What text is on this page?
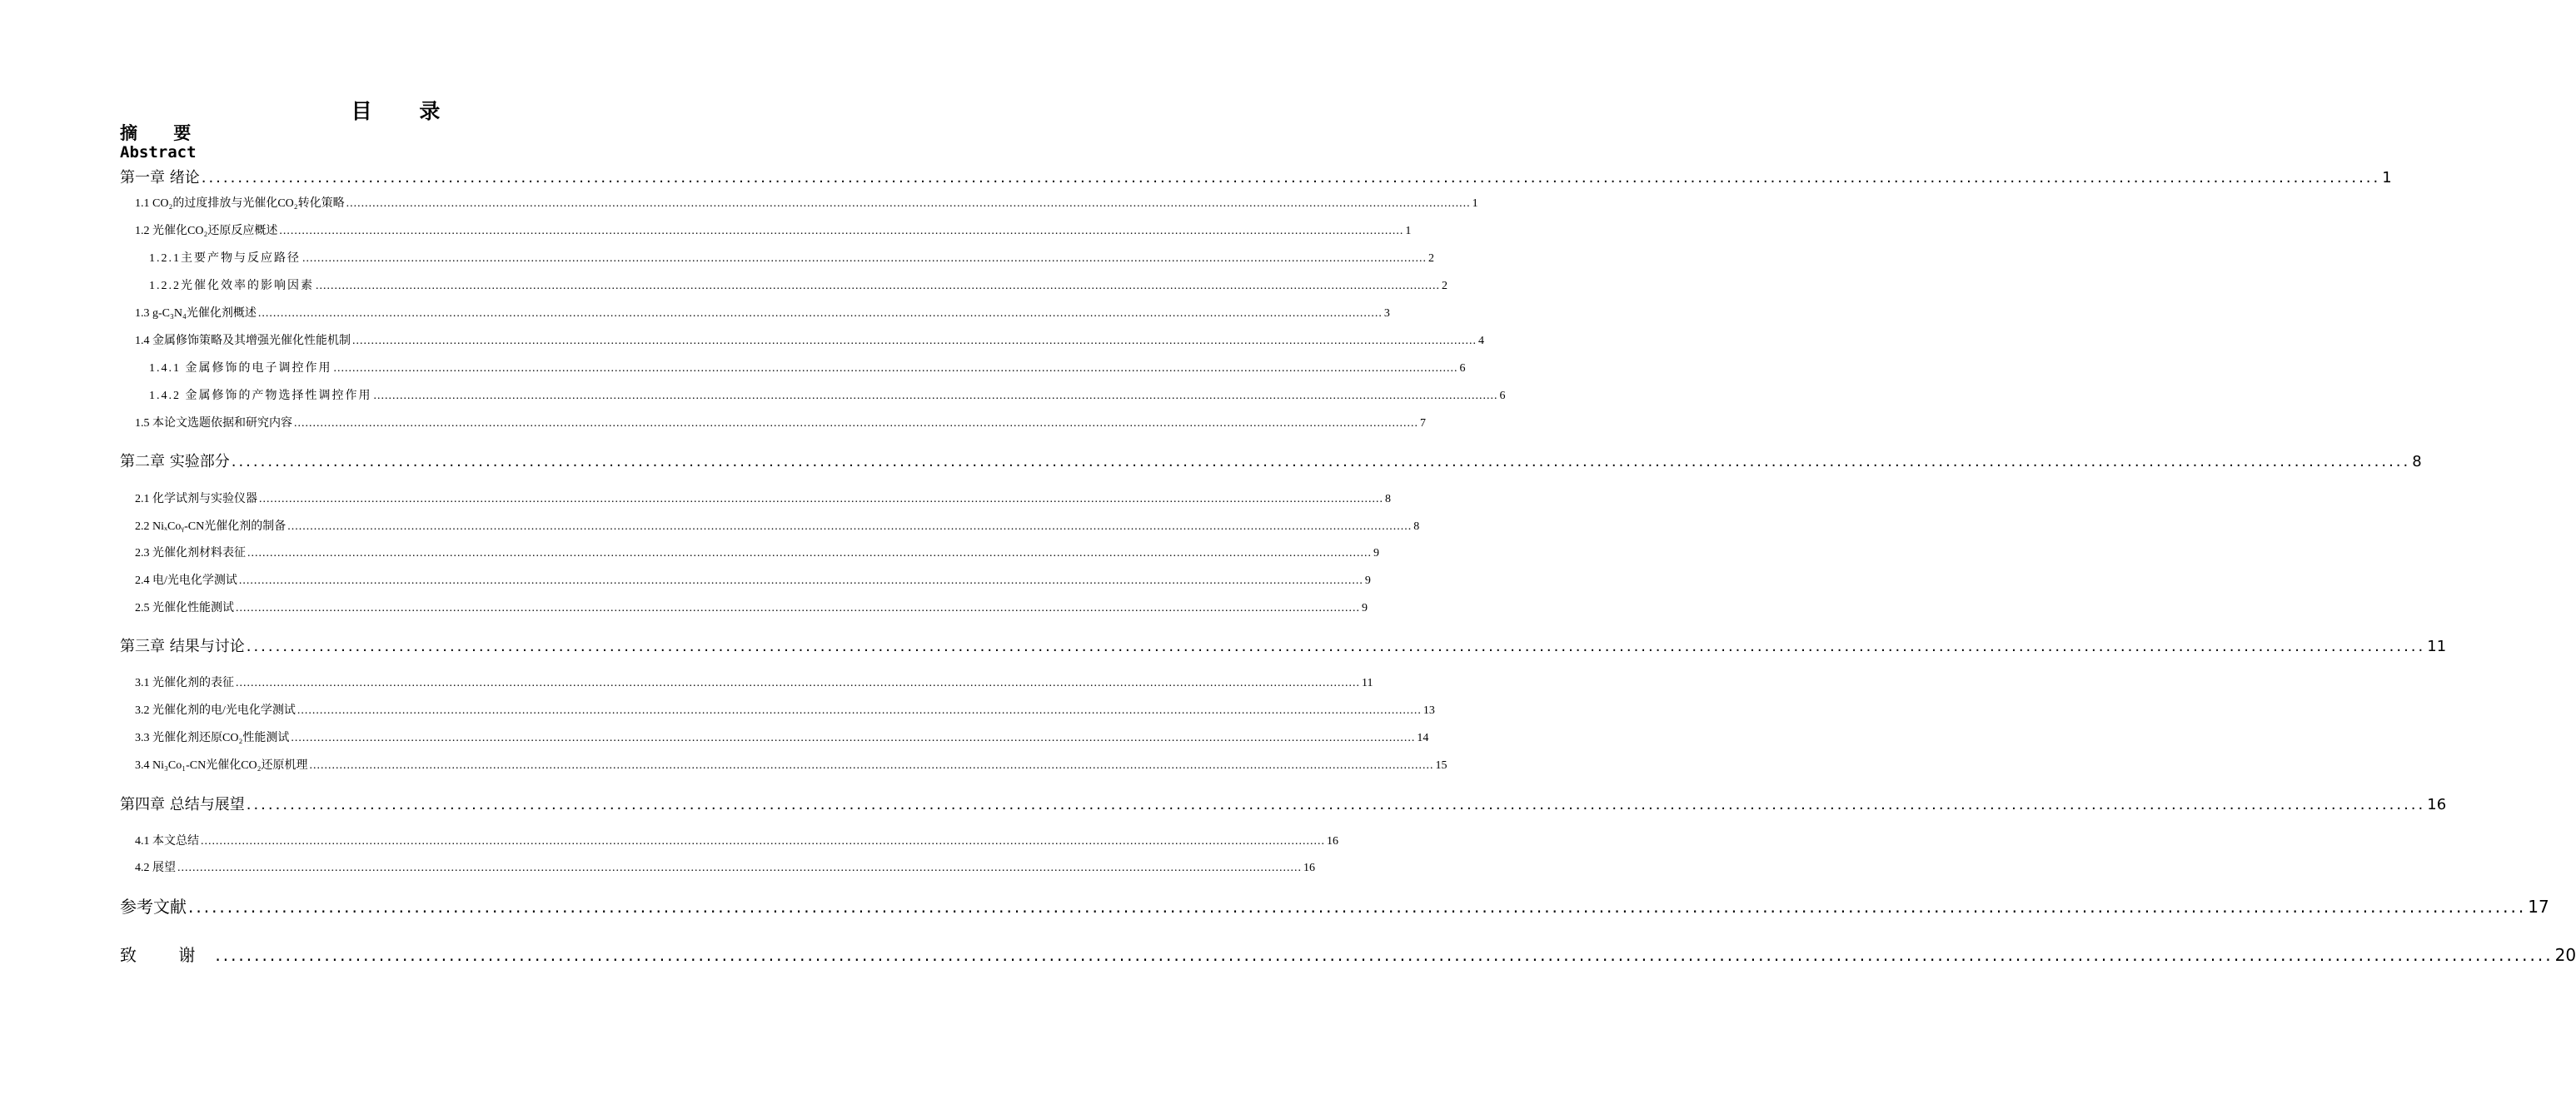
目 录
摘 要
Abstract
第一章 绪论 ............................................................................................................................................................................................................................................................................................................ 1
1.1 CO₂的过度排放与光催化CO₂转化策略 ............................................................................................................................................................................................................................................................................................................ 1
1.2 光催化CO₂还原反应概述 ............................................................................................................................................................................................................................................................................................................ 1
1.2.1主要产物与反应路径 ............................................................................................................................................................................................................................................................................................................ 2
1.2.2光催化效率的影响因素 ............................................................................................................................................................................................................................................................................................................ 2
1.3 g-C₃N₄光催化剂概述 ............................................................................................................................................................................................................................................................................................................ 3
1.4 金属修饰策略及其增强光催化性能机制 ............................................................................................................................................................................................................................................................................................................ 4
1.4.1 金属修饰的电子调控作用 ............................................................................................................................................................................................................................................................................................................ 6
1.4.2 金属修饰的产物选择性调控作用 ............................................................................................................................................................................................................................................................................................................ 6
1.5 本论文选题依据和研究内容 ............................................................................................................................................................................................................................................................................................................ 7
第二章 实验部分 ............................................................................................................................................................................................................................................................................................................ 8
2.1 化学试剂与实验仪器 ............................................................................................................................................................................................................................................................................................................ 8
2.2 NiₓCoᵧ-CN光催化剂的制备 ............................................................................................................................................................................................................................................................................................................ 8
2.3 光催化剂材料表征 ............................................................................................................................................................................................................................................................................................................ 9
2.4 电/光电化学测试 ............................................................................................................................................................................................................................................................................................................ 9
2.5 光催化性能测试 ............................................................................................................................................................................................................................................................................................................ 9
第三章 结果与讨论 ............................................................................................................................................................................................................................................................................................................ 11
3.1 光催化剂的表征 ............................................................................................................................................................................................................................................................................................................ 11
3.2 光催化剂的电/光电化学测试 ............................................................................................................................................................................................................................................................................................................ 13
3.3 光催化剂还原CO₂性能测试 ............................................................................................................................................................................................................................................................................................................ 14
3.4 Ni₃Co₁-CN光催化CO₂还原机理 ............................................................................................................................................................................................................................................................................................................ 15
第四章 总结与展望 ............................................................................................................................................................................................................................................................................................................ 16
4.1 本文总结 ............................................................................................................................................................................................................................................................................................................ 16
4.2 展望 ............................................................................................................................................................................................................................................................................................................ 16
参考文献 ............................................................................................................................................................................................................................................................................................................ 17
致 谢 ............................................................................................................................................................................................................................................................................................................ 20
